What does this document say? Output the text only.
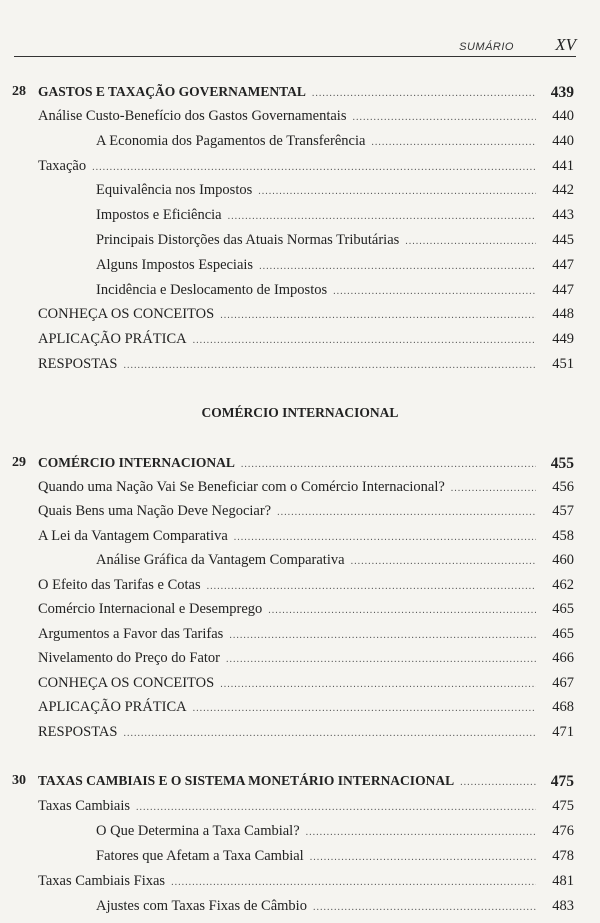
SUMÁRIO XV
28 GASTOS E TAXAÇÃO GOVERNAMENTAL .....	439
Análise Custo-Benefício dos Gastos Governamentais .....	440
A Economia dos Pagamentos de Transferência .....	440
Taxação .....	441
Equivalência nos Impostos .....	442
Impostos e Eficiência .....	443
Principais Distorções das Atuais Normas Tributárias .....	445
Alguns Impostos Especiais .....	447
Incidência e Deslocamento de Impostos .....	447
CONHEÇA OS CONCEITOS .....	448
APLICAÇÃO PRÁTICA .....	449
RESPOSTAS .....	451
COMÉRCIO INTERNACIONAL
29 COMÉRCIO INTERNACIONAL .....	455
Quando uma Nação Vai Se Beneficiar com o Comércio Internacional? .....	456
Quais Bens uma Nação Deve Negociar? .....	457
A Lei da Vantagem Comparativa .....	458
Análise Gráfica da Vantagem Comparativa .....	460
O Efeito das Tarifas e Cotas .....	462
Comércio Internacional e Desemprego .....	465
Argumentos a Favor das Tarifas .....	465
Nivelamento do Preço do Fator .....	466
CONHEÇA OS CONCEITOS .....	467
APLICAÇÃO PRÁTICA .....	468
RESPOSTAS .....	471
30 TAXAS CAMBIAIS E O SISTEMA MONETÁRIO INTERNACIONAL .....	475
Taxas Cambiais .....	475
O Que Determina a Taxa Cambial? .....	476
Fatores que Afetam a Taxa Cambial .....	478
Taxas Cambiais Fixas .....	481
Ajustes com Taxas Fixas de Câmbio .....	483
